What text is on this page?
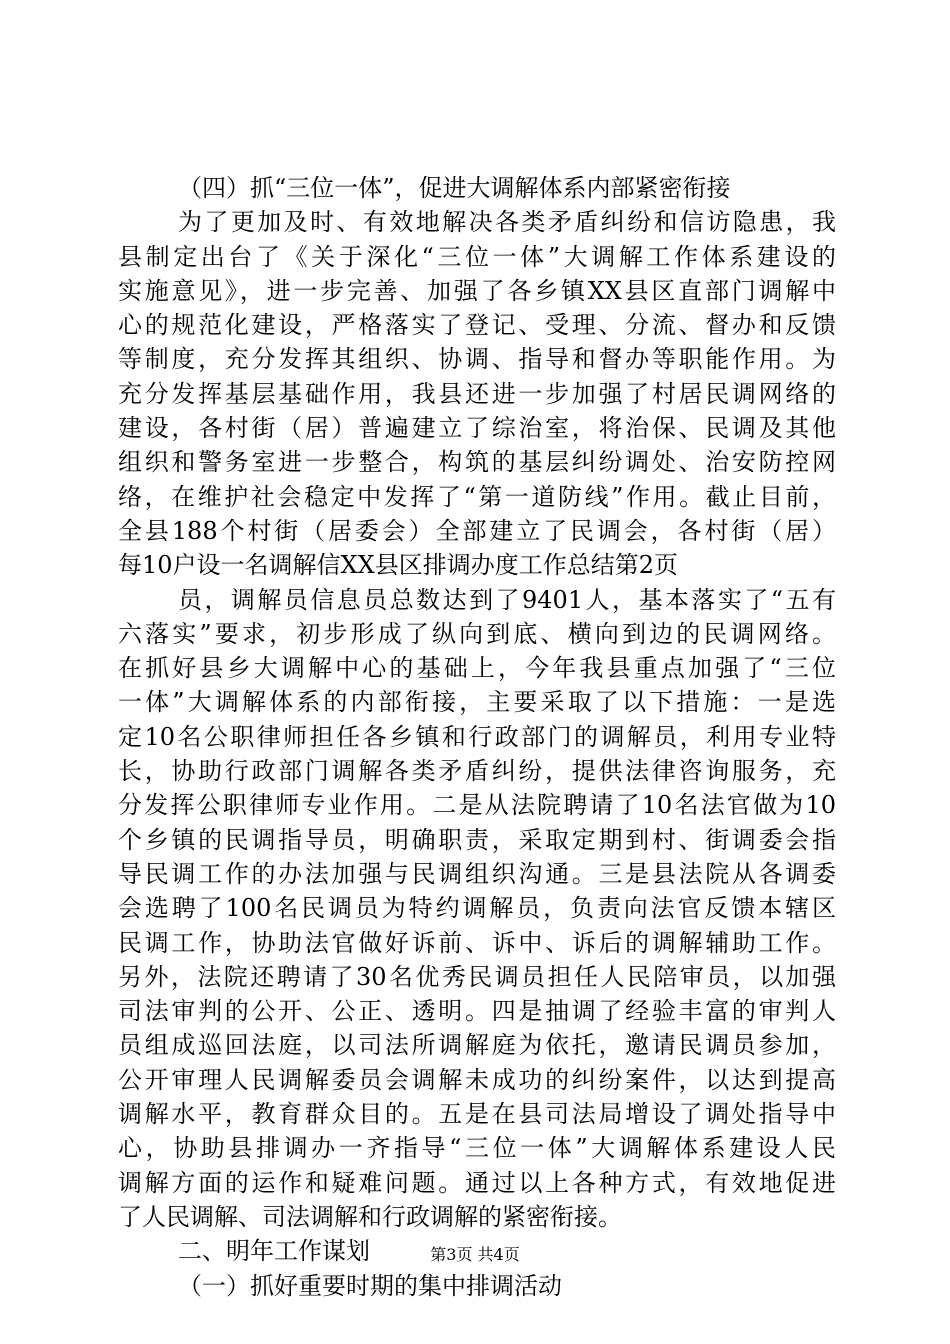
（四）抓“三位一体”，促进大调解体系内部紧密衔接
为了更加及时、有效地解决各类矛盾纠纷和信访隐患，我
县制定出台了《关于深化“三位一体”大调解工作体系建设的
实施意见》，进一步完善、加强了各乡镇XX县区直部门调解中
心的规范化建设，严格落实了登记、受理、分流、督办和反馈
等制度，充分发挥其组织、协调、指导和督办等职能作用。为
充分发挥基层基础作用，我县还进一步加强了村居民调网络的
建设，各村街（居）普遍建立了综治室，将治保、民调及其他
组织和警务室进一步整合，构筑的基层纠纷调处、治安防控网
络，在维护社会稳定中发挥了“第一道防线”作用。截止目前，
全县188个村街（居委会）全部建立了民调会，各村街（居）
每10户设一名调解信XX县区排调办度工作总结第2页
员，调解员信息员总数达到了9401人，基本落实了“五有
六落实”要求，初步形成了纵向到底、横向到边的民调网络。
在抓好县乡大调解中心的基础上，今年我县重点加强了“三位
一体”大调解体系的内部衔接，主要采取了以下措施：一是选
定10名公职律师担任各乡镇和行政部门的调解员，利用专业特
长，协助行政部门调解各类矛盾纠纷，提供法律咨询服务，充
分发挥公职律师专业作用。二是从法院聘请了10名法官做为10
个乡镇的民调指导员，明确职责，采取定期到村、街调委会指
导民调工作的办法加强与民调组织沟通。三是县法院从各调委
会选聘了100名民调员为特约调解员，负责向法官反馈本辖区
民调工作，协助法官做好诉前、诉中、诉后的调解辅助工作。
另外，法院还聘请了30名优秀民调员担任人民陪审员，以加强
司法审判的公开、公正、透明。四是抽调了经验丰富的审判人
员组成巡回法庭，以司法所调解庭为依托，邀请民调员参加，
公开审理人民调解委员会调解未成功的纠纷案件，以达到提高
调解水平，教育群众目的。五是在县司法局增设了调处指导中
心，协助县排调办一齐指导“三位一体”大调解体系建设人民
调解方面的运作和疑难问题。通过以上各种方式，有效地促进
了人民调解、司法调解和行政调解的紧密衔接。
二、明年工作谋划
（一）抓好重要时期的集中排调活动
第3页 共4页
